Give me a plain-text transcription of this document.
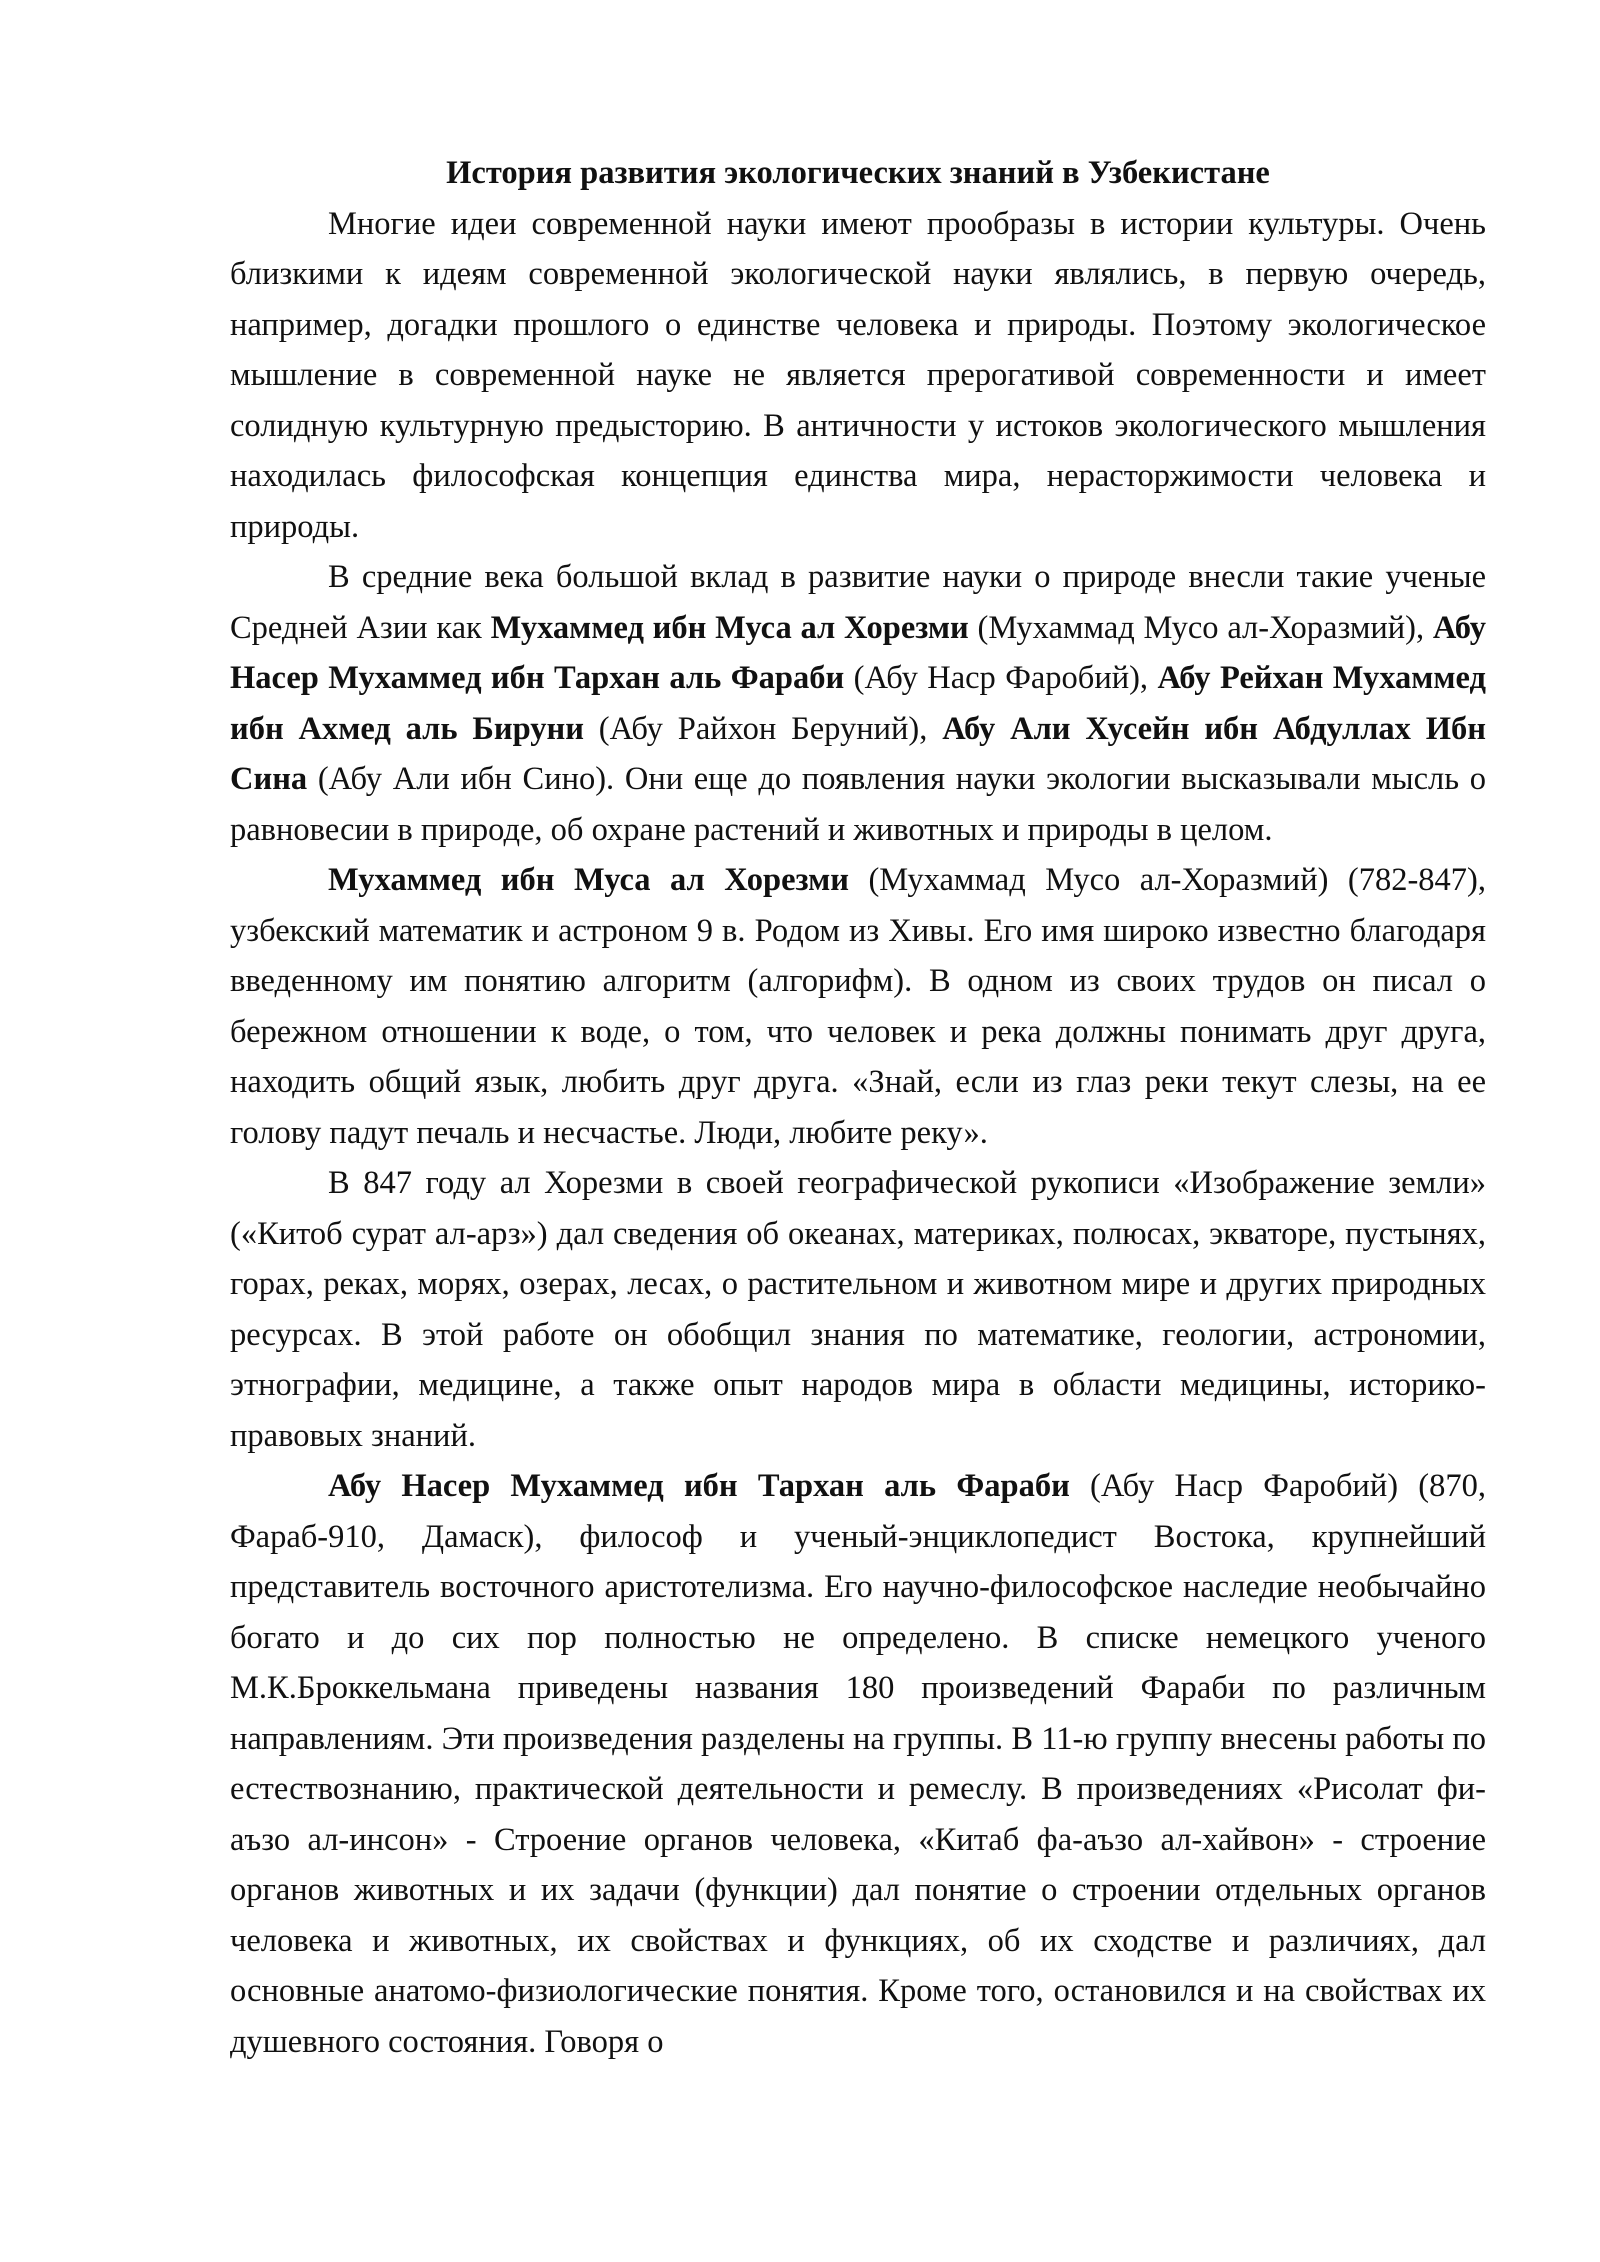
История развития экологических знаний в Узбекистане

Многие идеи современной науки имеют прообразы в истории культуры. Очень близкими к идеям современной экологической науки являлись, в первую очередь, например, догадки прошлого о единстве человека и природы. Поэтому экологическое мышление в современной науке не является прерогативой современности и имеет солидную культурную предысторию. В античности у истоков экологического мышления находилась философская концепция единства мира, нерасторжимости человека и природы.

В средние века большой вклад в развитие науки о природе внесли такие ученые Средней Азии как Мухаммед ибн Муса ал Хорезми (Мухаммад Мусо ал-Хоразмий), Абу Насер Мухаммед ибн Тархан аль Фараби (Абу Наср Фаробий), Абу Рейхан Мухаммед ибн Ахмед аль Бируни (Абу Райхон Беруний), Абу Али Хусейн ибн Абдуллах Ибн Сина (Абу Али ибн Сино). Они еще до появления науки экологии высказывали мысль о равновесии в природе, об охране растений и животных и природы в целом.

Мухаммед ибн Муса ал Хорезми (Мухаммад Мусо ал-Хоразмий) (782-847), узбекский математик и астроном 9 в. Родом из Хивы. Его имя широко известно благодаря введенному им понятию алгоритм (алгорифм). В одном из своих трудов он писал о бережном отношении к воде, о том, что человек и река должны понимать друг друга, находить общий язык, любить друг друга. «Знай, если из глаз реки текут слезы, на ее голову падут печаль и несчастье. Люди, любите реку».

В 847 году ал Хорезми в своей географической рукописи «Изображение земли» («Китоб сурат ал-арз») дал сведения об океанах, материках, полюсах, экваторе, пустынях, горах, реках, морях, озерах, лесах, о растительном и животном мире и других природных ресурсах. В этой работе он обобщил знания по математике, геологии, астрономии, этнографии, медицине, а также опыт народов мира в области медицины, историко-правовых знаний.

Абу Насер Мухаммед ибн Тархан аль Фараби (Абу Наср Фаробий) (870, Фараб-910, Дамаск), философ и ученый-энциклопедист Востока, крупнейший представитель восточного аристотелизма. Его научно-философское наследие необычайно богато и до сих пор полностью не определено. В списке немецкого ученого М.К.Броккельмана приведены названия 180 произведений Фараби по различным направлениям. Эти произведения разделены на группы. В 11-ю группу внесены работы по естествознанию, практической деятельности и ремеслу. В произведениях «Рисолат фи-аъзо ал-инсон» - Строение органов человека, «Китаб фа-аъзо ал-хайвон» - строение органов животных и их задачи (функции) дал понятие о строении отдельных органов человека и животных, их свойствах и функциях, об их сходстве и различиях, дал основные анатомо-физиологические понятия. Кроме того, остановился и на свойствах их душевного состояния. Говоря о
